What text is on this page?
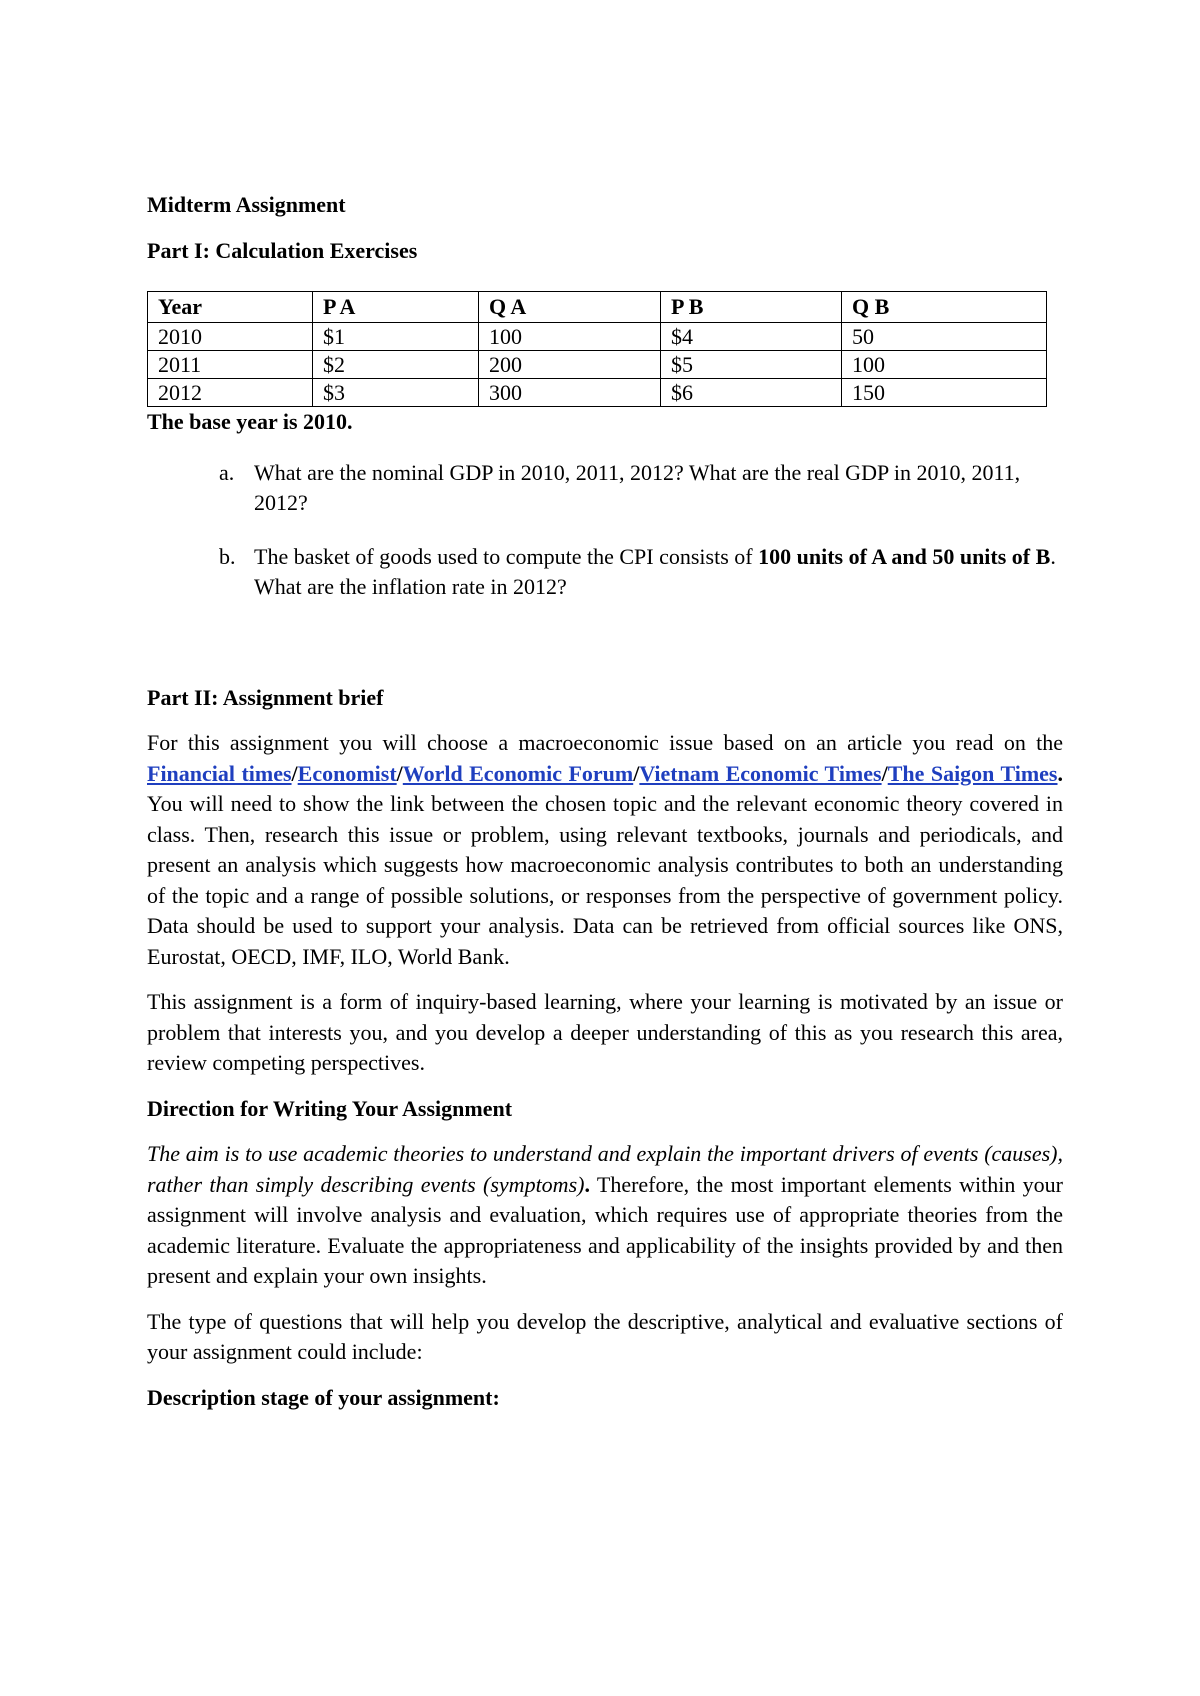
Midterm Assignment

Part I: Calculation Exercises

Year	P A	Q A	P B	Q B
2010	$1	100	$4	50
2011	$2	200	$5	100
2012	$3	300	$6	150

The base year is 2010.

a. What are the nominal GDP in 2010, 2011, 2012? What are the real GDP in 2010, 2011, 2012?
b. The basket of goods used to compute the CPI consists of 100 units of A and 50 units of B. What are the inflation rate in 2012?

Part II: Assignment brief

For this assignment you will choose a macroeconomic issue based on an article you read on the Financial times/Economist/World Economic Forum/Vietnam Economic Times/The Saigon Times. You will need to show the link between the chosen topic and the relevant economic theory covered in class. Then, research this issue or problem, using relevant textbooks, journals and periodicals, and present an analysis which suggests how macroeconomic analysis contributes to both an understanding of the topic and a range of possible solutions, or responses from the perspective of government policy. Data should be used to support your analysis. Data can be retrieved from official sources like ONS, Eurostat, OECD, IMF, ILO, World Bank.

This assignment is a form of inquiry-based learning, where your learning is motivated by an issue or problem that interests you, and you develop a deeper understanding of this as you research this area, review competing perspectives.

Direction for Writing Your Assignment

The aim is to use academic theories to understand and explain the important drivers of events (causes), rather than simply describing events (symptoms). Therefore, the most important elements within your assignment will involve analysis and evaluation, which requires use of appropriate theories from the academic literature. Evaluate the appropriateness and applicability of the insights provided by and then present and explain your own insights.

The type of questions that will help you develop the descriptive, analytical and evaluative sections of your assignment could include:

Description stage of your assignment:
